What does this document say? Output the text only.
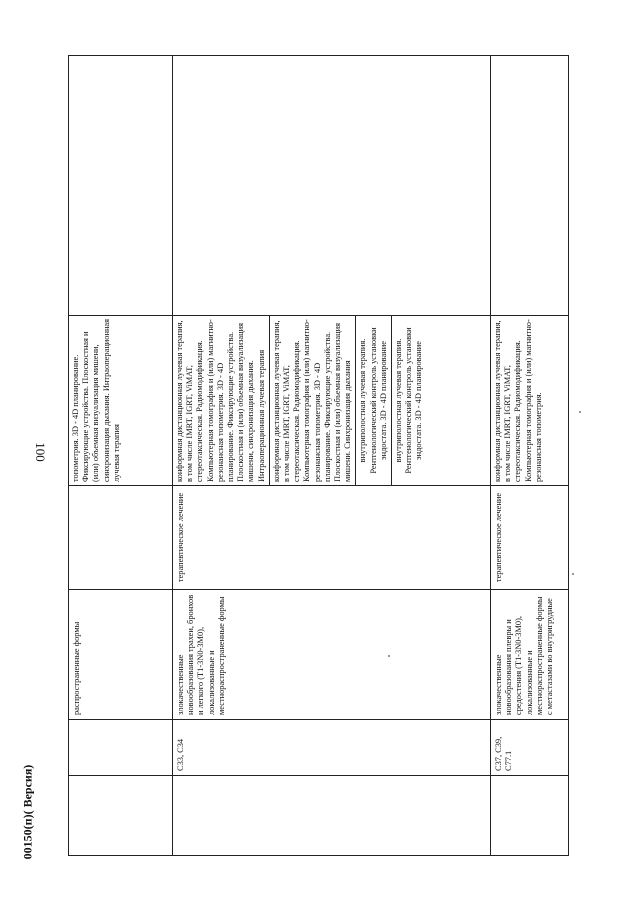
100
00150(п)( Версия)
		распространенные формы		топометрия. 3D - 4D планирование. Фиксирующие устройства. Плоскостная и (или) объемная визуализация мишени, синхронизация дыхания. Интраоперационная лучевая терапия	

	C33, C34	злокачественные новообразования трахеи, бронхов и легкого (T1-3N0-3M0), локализованные и местнораспространенные формы	терапевтическое лечение	конформная дистанционная лучевая терапия, в том числе IMRT, IGRT, ViMAT, стереотаксическая. Радиомодификация. Компьютерная томография и (или) магнитно-резонансная топометрия. 3D - 4D планирование. Фиксирующие устройства. Плоскостная и (или) объемная визуализация мишени, синхронизация дыхания. Интраоперационная лучевая терапия конформная дистанционная лучевая терапия, в том числе IMRT, IGRT, ViMAT, стереотаксическая. Радиомодификация. Компьютерная томография и (или) магнитно-резонансная топометрия. 3D - 4D планирование. Фиксирующие устройства. Плоскостная и (или) объемная визуализация мишени. Синхронизация дыхания внутриполостная лучевая терапия. Рентгенологический контроль установки эндостата. 3D - 4D планирование внутриполостная лучевая терапия. Рентгенологический контроль установки эндостата. 3D - 4D планирование	

	C37, C39, C77.1	злокачественные новообразования плевры и средостения (T1-3N0-3M0), локализованные и местнораспространенные формы с метастазами во внутригрудные	терапевтическое лечение	конформная дистанционная лучевая терапия, в том числе IMRT, IGRT, ViMAT, стереотаксическая. Радиомодификация. Компьютерная томография и (или) магнитно-резонансная топометрия.	
